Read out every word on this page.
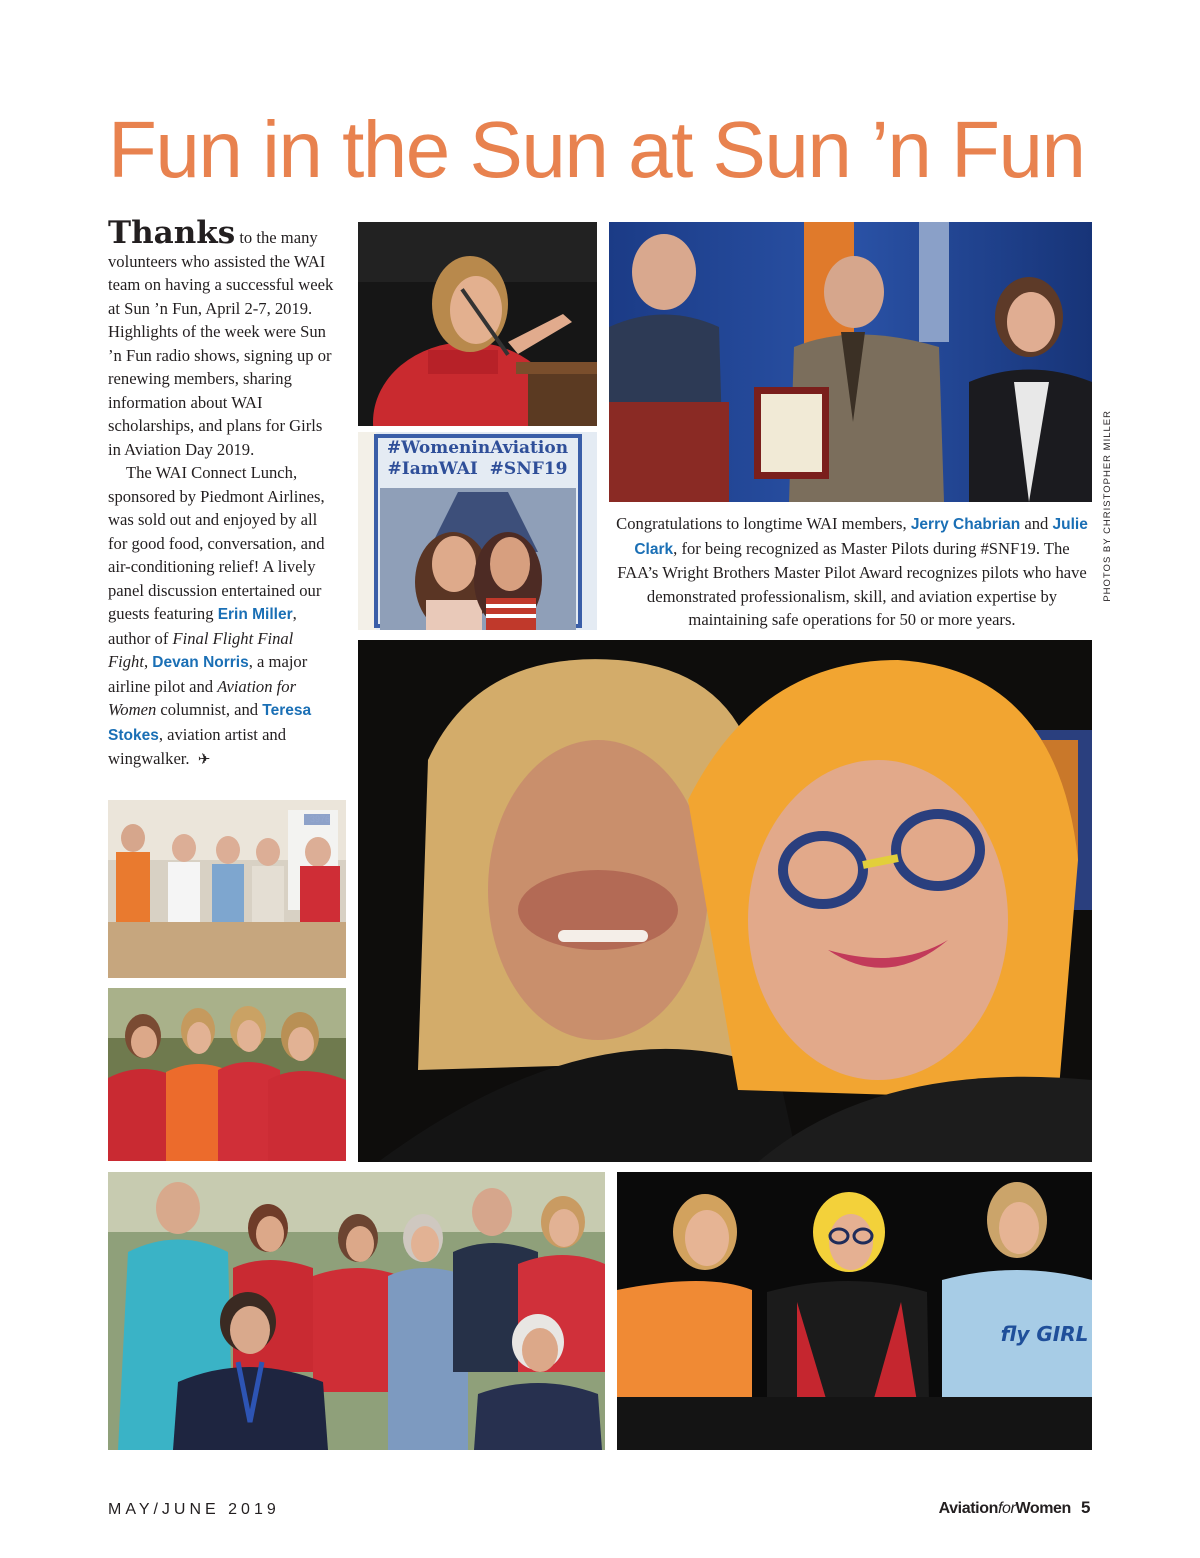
Fun in the Sun at Sun ’n Fun

Thanks to the many volunteers who assisted the WAI team on having a successful week at Sun ’n Fun, April 2-7, 2019. Highlights of the week were Sun ’n Fun radio shows, signing up or renewing members, sharing information about WAI scholarships, and plans for Girls in Aviation Day 2019.

The WAI Connect Lunch, sponsored by Piedmont Airlines, was sold out and enjoyed by all for good food, conversation, and air-conditioning relief! A lively panel discussion entertained our guests featuring Erin Miller, author of Final Flight Final Fight, Devan Norris, a major airline pilot and Aviation for Women columnist, and Teresa Stokes, aviation artist and wingwalker. ✈

#WomeninAviation
#IamWAI  #SNF19	PHOTOS BY CHRISTOPHER MILLER
Congratulations to longtime WAI members, Jerry Chabrian and Julie Clark, for being recognized as Master Pilots during #SNF19. The FAA’s Wright Brothers Master Pilot Award recognizes pilots who have demonstrated professionalism, skill, and aviation expertise by maintaining safe operations for 50 or more years.
fly GIRL
MAY/JUNE 2019	AviationforWomen 5
